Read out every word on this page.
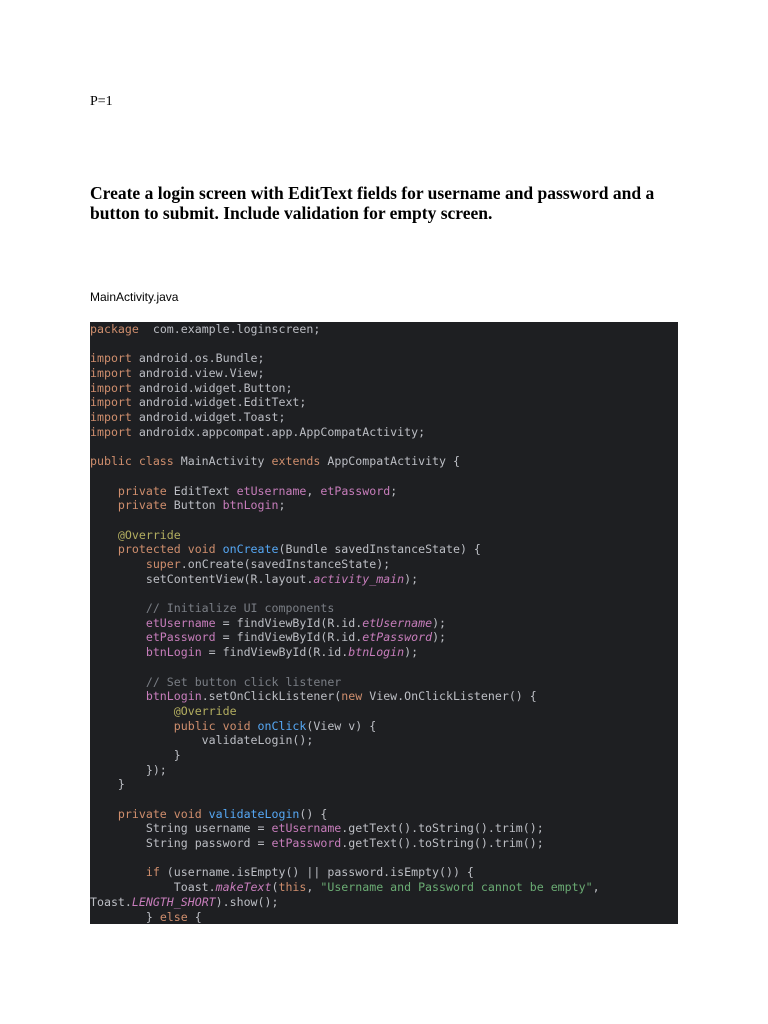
P=1
Create a login screen with EditText fields for username and password and a button to submit. Include validation for empty screen.
MainActivity.java
package  com.example.loginscreen;
import android.os.Bundle;
import android.view.View;
import android.widget.Button;
import android.widget.EditText;
import android.widget.Toast;
import androidx.appcompat.app.AppCompatActivity;
public class MainActivity extends AppCompatActivity {
private EditText etUsername, etPassword;
private Button btnLogin;
@Override
protected void onCreate(Bundle savedInstanceState) {
super.onCreate(savedInstanceState);
setContentView(R.layout.activity_main);
// Initialize UI components
etUsername = findViewById(R.id.etUsername);
etPassword = findViewById(R.id.etPassword);
btnLogin = findViewById(R.id.btnLogin);
// Set button click listener
btnLogin.setOnClickListener(new View.OnClickListener() {
@Override
public void onClick(View v) {
validateLogin();
}
});
}
private void validateLogin() {
String username = etUsername.getText().toString().trim();
String password = etPassword.getText().toString().trim();
if (username.isEmpty() || password.isEmpty()) {
Toast.makeText(this, "Username and Password cannot be empty",
Toast.LENGTH_SHORT).show();
} else {
